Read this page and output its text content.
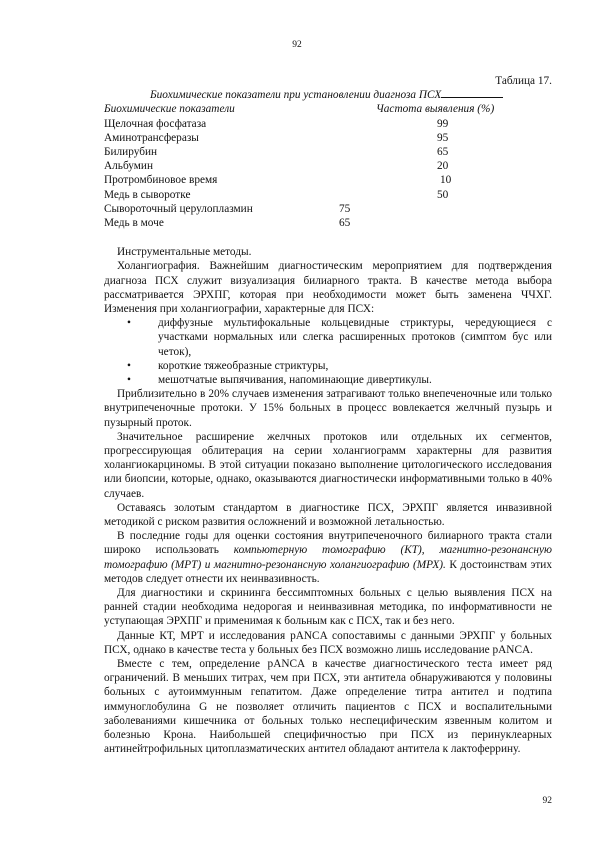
92
Таблица 17.
Биохимические показатели при установлении диагноза ПСХ
Биохимические показатели	Частота выявления (%)
Щелочная фосфатаза	99
Аминотрансферазы	95
Билирубин	65
Альбумин	20
Протромбиновое время	10
Медь в сыворотке	50
Сывороточный церулоплазмин	75
Медь в моче	65

Инструментальные методы.

Холангиография. Важнейшим диагностическим мероприятием для подтверждения диагноза ПСХ служит визуализация билиарного тракта. В качестве метода выбора рассматривается ЭРХПГ, которая при необходимости может быть заменена ЧЧХГ. Изменения при холангиографии, характерные для ПСХ:

• диффузные мультифокальные кольцевидные стриктуры, чередующиеся с участками нормальных или слегка расширенных протоков (симптом бус или четок),
• короткие тяжеобразные стриктуры,
• мешотчатые выпячивания, напоминающие дивертикулы.

Приблизительно в 20% случаев изменения затрагивают только внепеченочные или только внутрипеченочные протоки. У 15% больных в процесс вовлекается желчный пузырь и пузырный проток.

Значительное расширение желчных протоков или отдельных их сегментов, прогрессирующая облитерация на серии холангиограмм характерны для развития холангиокарциномы. В этой ситуации показано выполнение цитологического исследования или биопсии, которые, однако, оказываются диагностически информативными только в 40% случаев.

Оставаясь золотым стандартом в диагностике ПСХ, ЭРХПГ является инвазивной методикой с риском развития осложнений и возможной летальностью.

В последние годы для оценки состояния внутрипеченочного билиарного тракта стали широко использовать компьютерную томографию (КТ), магнитно-резонансную томографию (МРТ) и магнитно-резонансную холангиографию (МРХ). К достоинствам этих методов следует отнести их неинвазивность.

Для диагностики и скрининга бессимптомных больных с целью выявления ПСХ на ранней стадии необходима недорогая и неинвазивная методика, по информативности не уступающая ЭРХПГ и применимая к больным как с ПСХ, так и без него.

Данные КТ, МРТ и исследования pANCA сопоставимы с данными ЭРХПГ у больных ПСХ, однако в качестве теста у больных без ПСХ возможно лишь исследование pANCA.

Вместе с тем, определение pANCA в качестве диагностического теста имеет ряд ограничений. В меньших титрах, чем при ПСХ, эти антитела обнаруживаются у половины больных с аутоиммунным гепатитом. Даже определение титра антител и подтипа иммуноглобулина G не позволяет отличить пациентов с ПСХ и воспалительными заболеваниями кишечника от больных только неспецифическим язвенным колитом и болезнью Крона. Наибольшей специфичностью при ПСХ из перинуклеарных антинейтрофильных цитоплазматических антител обладают антитела к лактоферрину.

92
